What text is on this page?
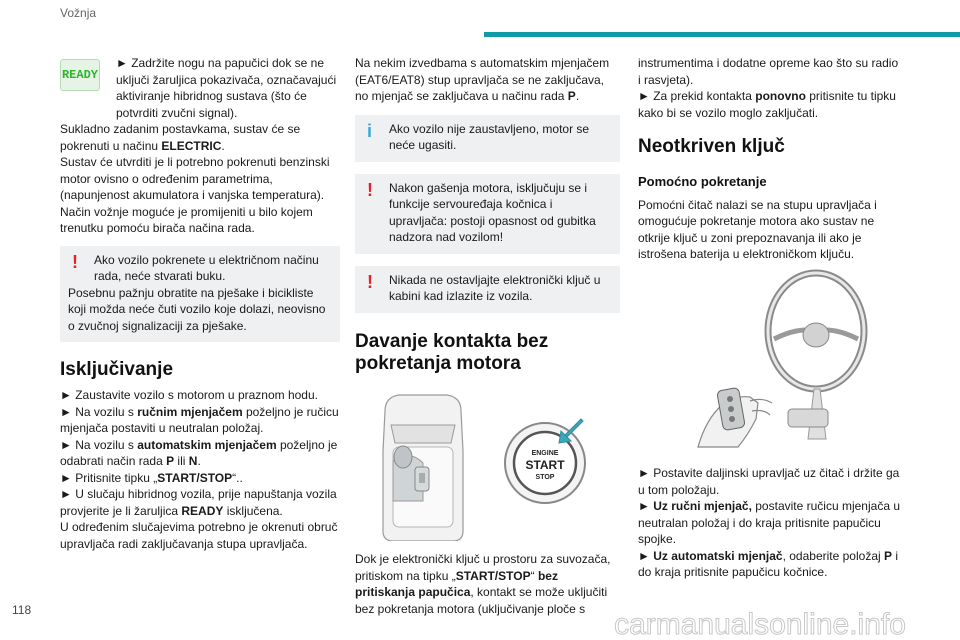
Vožnja
READY

► Zadržite nogu na papučici dok se ne uključi žaruljica pokazivača, označavajući aktiviranje hibridnog sustava (što će potvrditi zvučni signal).

Sukladno zadanim postavkama, sustav će se pokrenuti u načinu ELECTRIC.

Sustav će utvrditi je li potrebno pokrenuti benzinski motor ovisno o određenim parametrima, (napunjenost akumulatora i vanjska temperatura).

Način vožnje moguće je promijeniti u bilo kojem trenutku pomoću birača načina rada.

! Ako vozilo pokrenete u električnom načinu rada, neće stvarati buku.

Posebnu pažnju obratite na pješake i bicikliste koji možda neće čuti vozilo koje dolazi, neovisno o zvučnoj signalizaciji za pješake.

Isključivanje

► Zaustavite vozilo s motorom u praznom hodu.

► Na vozilu s ručnim mjenjačem poželjno je ručicu mjenjača postaviti u neutralan položaj.

► Na vozilu s automatskim mjenjačem poželjno je odabrati način rada P ili N.

► Pritisnite tipku „START/STOP“..

► U slučaju hibridnog vozila, prije napuštanja vozila provjerite je li žaruljica READY isključena.

U određenim slučajevima potrebno je okrenuti obruč upravljača radi zaključavanja stupa upravljača.

Na nekim izvedbama s automatskim mjenjačem (EAT6/EAT8) stup upravljača se ne zaključava, no mjenjač se zaključava u načinu rada P.

i Ako vozilo nije zaustavljeno, motor se neće ugasiti.

! Nakon gašenja motora, isključuju se i funkcije servouređaja kočnica i upravljača: postoji opasnost od gubitka nadzora nad vozilom!

! Nikada ne ostavljajte elektronički ključ u kabini kad izlazite iz vozila.

Davanje kontakta bez pokretanja motora
ENGINE
START
STOP

Dok je elektronički ključ u prostoru za suvozača, pritiskom na tipku „START/STOP“ bez pritiskanja papučica, kontakt se može uključiti bez pokretanja motora (uključivanje ploče s

instrumentima i dodatne opreme kao što su radio i rasvjeta).

► Za prekid kontakta ponovno pritisnite tu tipku kako bi se vozilo moglo zaključati.

Neotkriven ključ
Pomoćno pokretanje

Pomoćni čitač nalazi se na stupu upravljača i omogućuje pokretanje motora ako sustav ne otkrije ključ u zoni prepoznavanja ili ako je istrošena baterija u elektroničkom ključu.

► Postavite daljinski upravljač uz čitač i držite ga u tom položaju.

► Uz ručni mjenjač, postavite ručicu mjenjača u neutralan položaj i do kraja pritisnite papučicu spojke.

► Uz automatski mjenjač, odaberite položaj P i do kraja pritisnite papučicu kočnice.

118	carmanualsonline.info
